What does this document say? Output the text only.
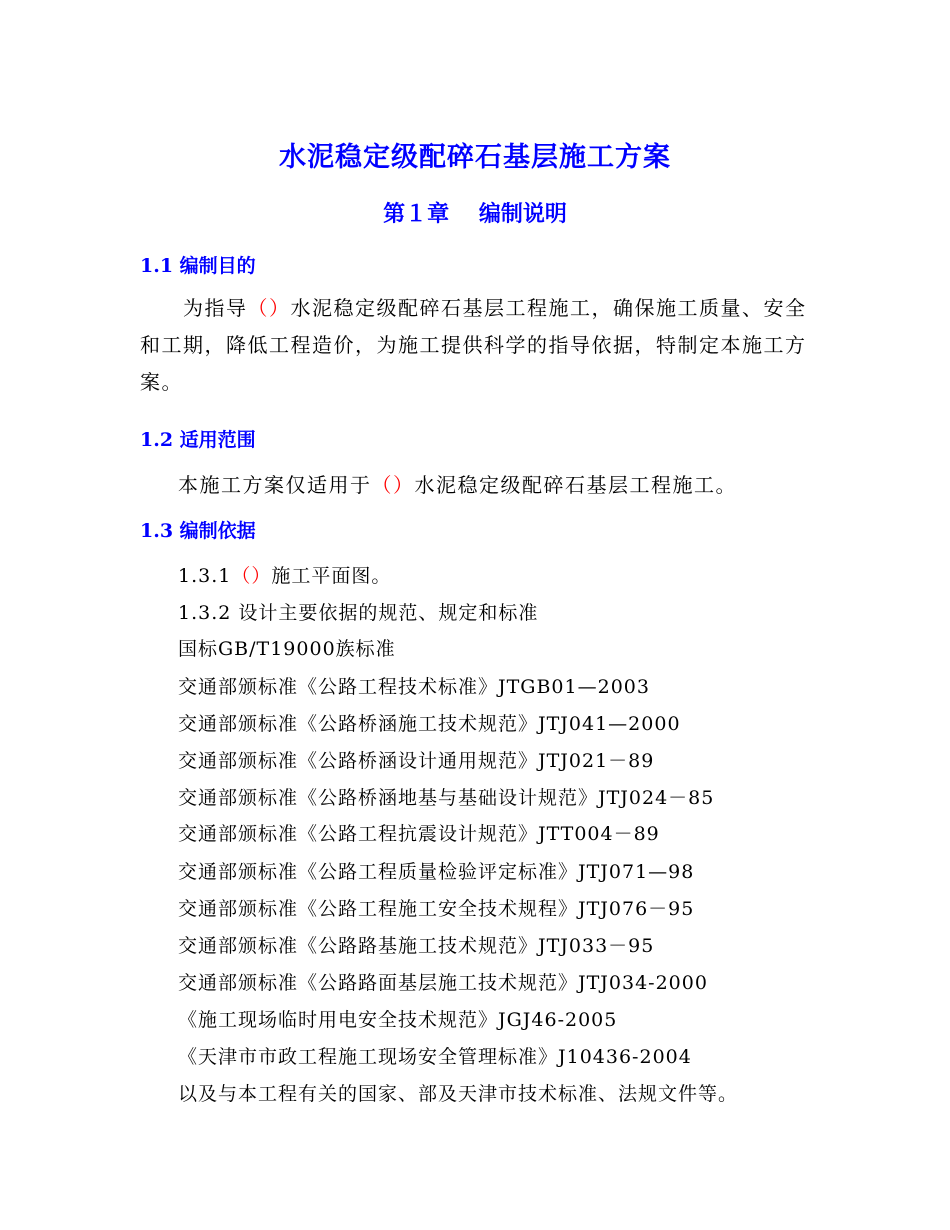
水泥稳定级配碎石基层施工方案
第１章　 编制说明
1.1 编制目的

　　为指导（）水泥稳定级配碎石基层工程施工，确保施工质量、安全和工期，降低工程造价，为施工提供科学的指导依据，特制定本施工方案。

1.2 适用范围

本施工方案仅适用于（）水泥稳定级配碎石基层工程施工。

1.3 编制依据

1.3.1（）施工平面图。

1.3.2 设计主要依据的规范、规定和标准

国标GB/T19000族标准

交通部颁标准《公路工程技术标准》JTGB01—2003

交通部颁标准《公路桥涵施工技术规范》JTJ041—2000

交通部颁标准《公路桥涵设计通用规范》JTJ021－89

交通部颁标准《公路桥涵地基与基础设计规范》JTJ024－85

交通部颁标准《公路工程抗震设计规范》JTT004－89

交通部颁标准《公路工程质量检验评定标准》JTJ071—98

交通部颁标准《公路工程施工安全技术规程》JTJ076－95

交通部颁标准《公路路基施工技术规范》JTJ033－95

交通部颁标准《公路路面基层施工技术规范》JTJ034-2000

《施工现场临时用电安全技术规范》JGJ46-2005

《天津市市政工程施工现场安全管理标准》J10436-2004

以及与本工程有关的国家、部及天津市技术标准、法规文件等。
